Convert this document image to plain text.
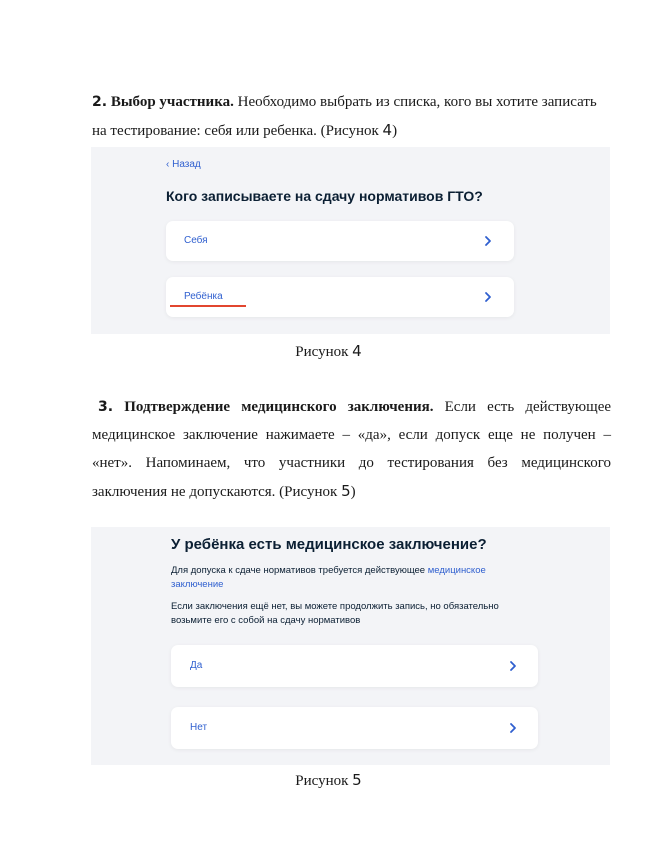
2. Выбор участника. Необходимо выбрать из списка, кого вы хотите записать
на тестирование: себя или ребенка. (Рисунок 4)
‹ Назад
Кого записываете на сдачу нормативов ГТО?
Себя
Ребёнка
Рисунок 4
3. Подтверждение медицинского заключения. Если есть действующее
медицинское заключение нажимаете – «да», если допуск еще не получен –
«нет». Напоминаем, что участники до тестирования без медицинского
заключения не допускаются. (Рисунок 5)
У ребёнка есть медицинское заключение?
Для допуска к сдаче нормативов требуется действующее медицинское
заключение
Если заключения ещё нет, вы можете продолжить запись, но обязательно
возьмите его с собой на сдачу нормативов
Да
Нет
Рисунок 5
